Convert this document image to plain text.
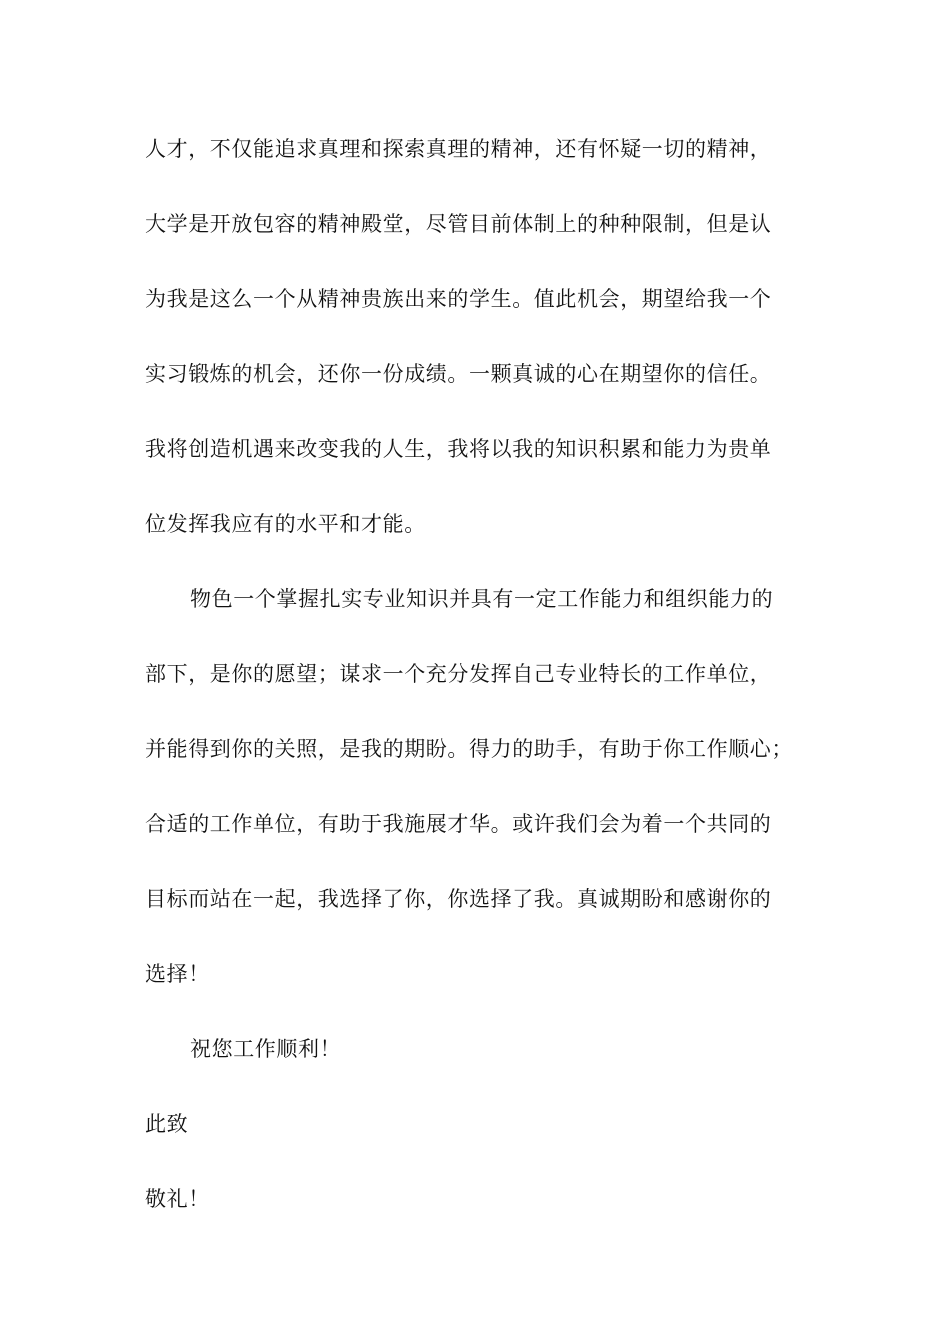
人才，不仅能追求真理和探索真理的精神，还有怀疑一切的精神，
大学是开放包容的精神殿堂，尽管目前体制上的种种限制，但是认
为我是这么一个从精神贵族出来的学生。值此机会，期望给我一个
实习锻炼的机会，还你一份成绩。一颗真诚的心在期望你的信任。
我将创造机遇来改变我的人生，我将以我的知识积累和能力为贵单
位发挥我应有的水平和才能。
物色一个掌握扎实专业知识并具有一定工作能力和组织能力的
部下，是你的愿望；谋求一个充分发挥自己专业特长的工作单位，
并能得到你的关照，是我的期盼。得力的助手，有助于你工作顺心；
合适的工作单位，有助于我施展才华。或许我们会为着一个共同的
目标而站在一起，我选择了你，你选择了我。真诚期盼和感谢你的
选择！
祝您工作顺利！
此致
敬礼！
